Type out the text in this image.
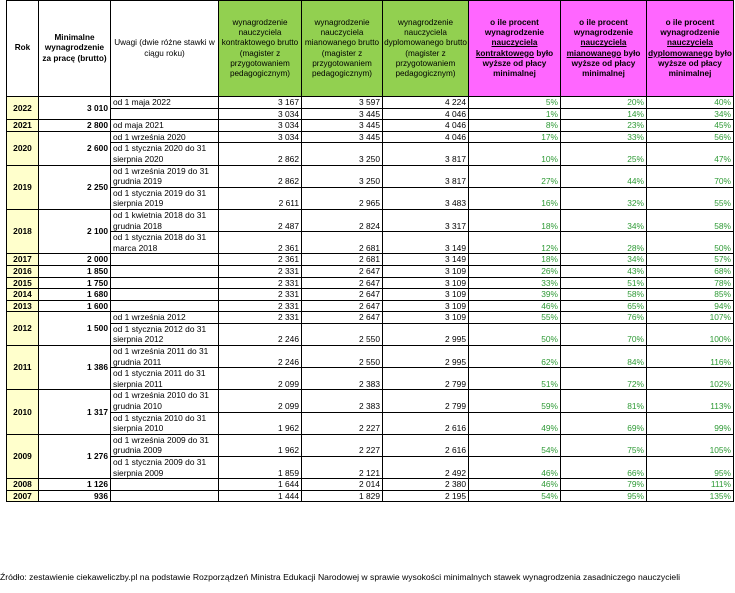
Rok	Minimalne wynagrodzenie za pracę (brutto)	Uwagi (dwie różne stawki w ciągu roku)	wynagrodzenie nauczyciela kontraktowego brutto (magister z przygotowaniem pedagogicznym)	wynagrodzenie nauczyciela mianowanego brutto (magister z przygotowaniem pedagogicznym)	wynagrodzenie nauczyciela dyplomowanego brutto (magister z przygotowaniem pedagogicznym)	o ile procent wynagrodzenie nauczyciela kontraktowego było wyższe od płacy minimalnej	o ile procent wynagrodzenie nauczyciela mianowanego było wyższe od płacy minimalnej	o ile procent wynagrodzenie nauczyciela dyplomowanego było wyższe od płacy minimalnej
2022	3 010	od 1 maja 2022	3 167	3 597	4 224	5%	20%	40%
			3 034	3 445	4 046	1%	14%	34%
2021	2 800	od maja 2021	3 034	3 445	4 046	8%	23%	45%
2020	2 600	od 1 września 2020	3 034	3 445	4 046	17%	33%	56%
		od 1 stycznia 2020 do 31 sierpnia 2020	2 862	3 250	3 817	10%	25%	47%
2019	2 250	od 1 września 2019 do 31 grudnia 2019	2 862	3 250	3 817	27%	44%	70%
		od 1 stycznia 2019 do 31 sierpnia 2019	2 611	2 965	3 483	16%	32%	55%
2018	2 100	od 1 kwietnia 2018 do 31 grudnia 2018	2 487	2 824	3 317	18%	34%	58%
		od 1 stycznia 2018 do 31 marca 2018	2 361	2 681	3 149	12%	28%	50%
2017	2 000		2 361	2 681	3 149	18%	34%	57%
2016	1 850		2 331	2 647	3 109	26%	43%	68%
2015	1 750		2 331	2 647	3 109	33%	51%	78%
2014	1 680		2 331	2 647	3 109	39%	58%	85%
2013	1 600		2 331	2 647	3 109	46%	65%	94%
2012	1 500	od 1 września 2012	2 331	2 647	3 109	55%	76%	107%
		od 1 stycznia 2012 do 31 sierpnia 2012	2 246	2 550	2 995	50%	70%	100%
2011	1 386	od 1 września 2011 do 31 grudnia 2011	2 246	2 550	2 995	62%	84%	116%
		od 1 stycznia 2011 do 31 sierpnia 2011	2 099	2 383	2 799	51%	72%	102%
2010	1 317	od 1 września 2010 do 31 grudnia 2010	2 099	2 383	2 799	59%	81%	113%
		od 1 stycznia 2010 do 31 sierpnia 2010	1 962	2 227	2 616	49%	69%	99%
2009	1 276	od 1 września 2009 do 31 grudnia 2009	1 962	2 227	2 616	54%	75%	105%
		od 1 stycznia 2009 do 31 sierpnia 2009	1 859	2 121	2 492	46%	66%	95%
2008	1 126		1 644	2 014	2 380	46%	79%	111%
2007	936		1 444	1 829	2 195	54%	95%	135%
Źródło: zestawienie ciekaweliczby.pl na podstawie Rozporządzeń Ministra Edukacji Narodowej w sprawie wysokości minimalnych stawek wynagrodzenia zasadniczego nauczycieli
